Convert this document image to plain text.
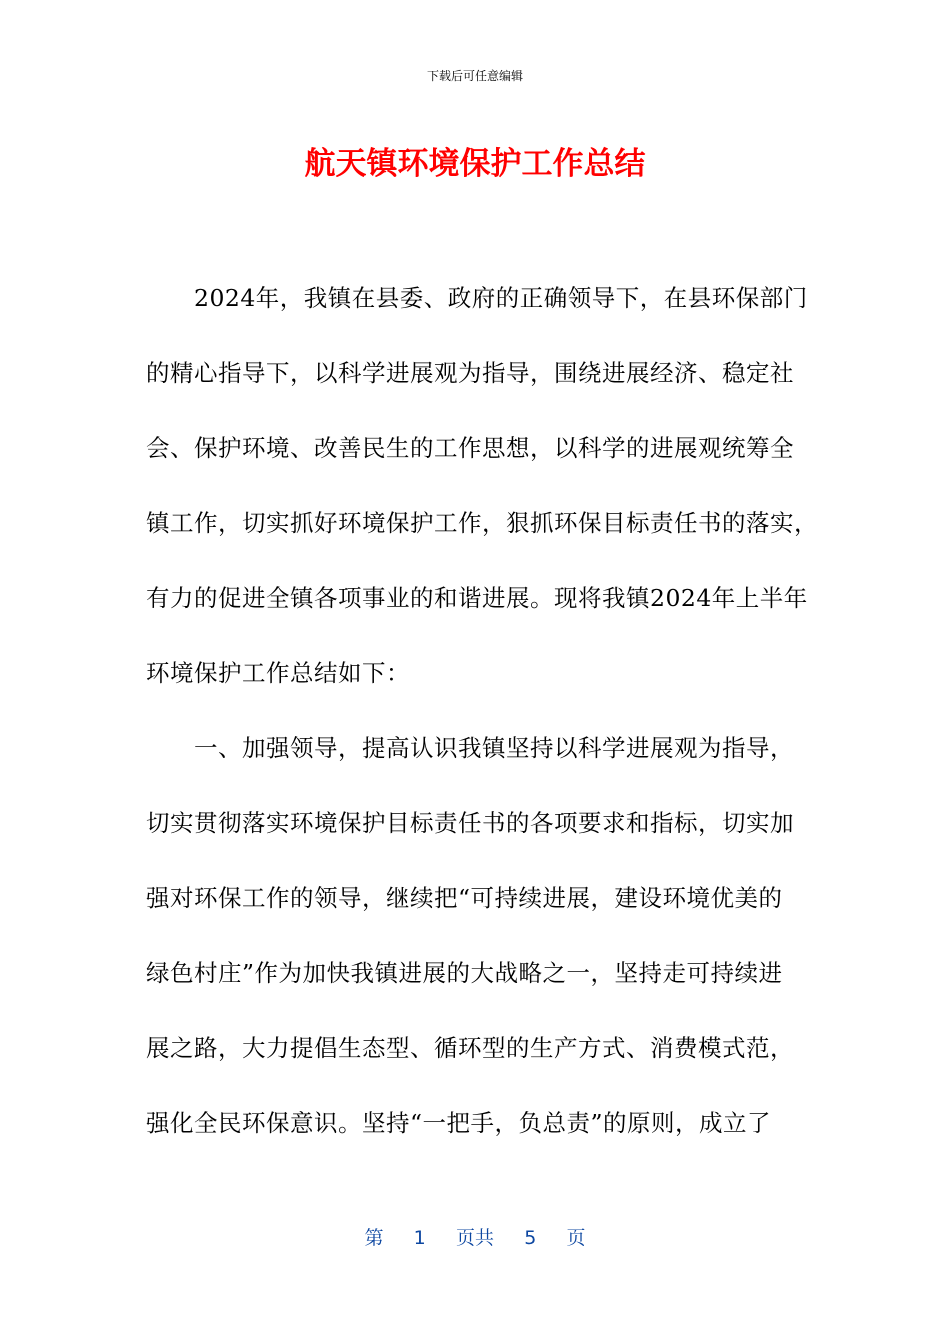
下载后可任意编辑
航天镇环境保护工作总结
　　2024年，我镇在县委、政府的正确领导下，在县环保部门
的精心指导下，以科学进展观为指导，围绕进展经济、稳定社
会、保护环境、改善民生的工作思想，以科学的进展观统筹全
镇工作，切实抓好环境保护工作，狠抓环保目标责任书的落实，
有力的促进全镇各项事业的和谐进展。现将我镇2024年上半年
环境保护工作总结如下：
　　一、加强领导，提高认识我镇坚持以科学进展观为指导，
切实贯彻落实环境保护目标责任书的各项要求和指标，切实加
强对环保工作的领导，继续把“可持续进展，建设环境优美的
绿色村庄”作为加快我镇进展的大战略之一，坚持走可持续进
展之路，大力提倡生态型、循环型的生产方式、消费模式范，
强化全民环保意识。坚持“一把手，负总责”的原则，成立了
第 1 页共 5 页
